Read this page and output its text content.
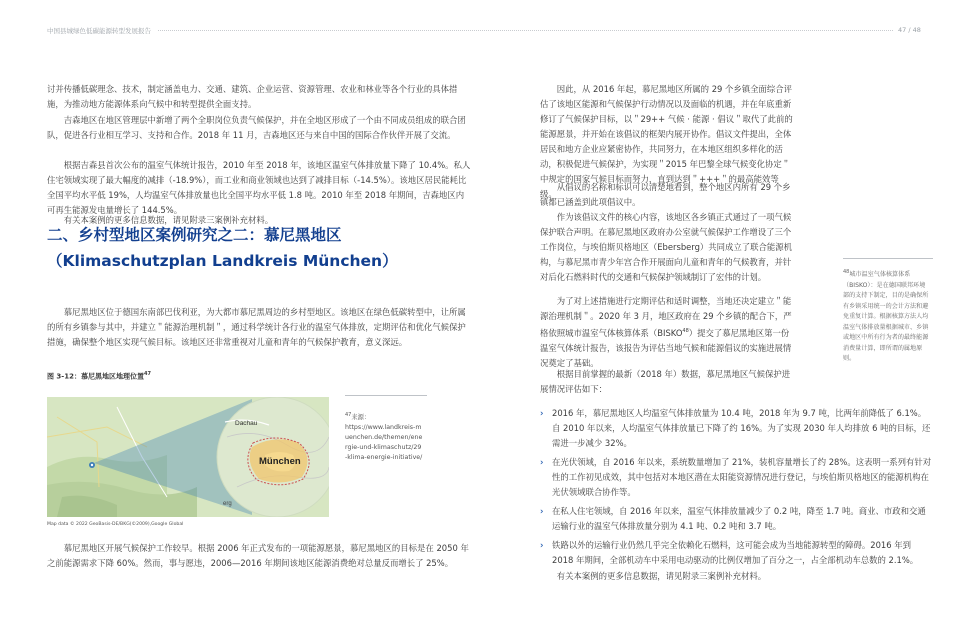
中国县城绿色低碳能源转型发展报告	47 / 48

讨并传播低碳理念、技术，制定涵盖电力、交通、建筑、企业运营、资源管理、农业和林业等各个行业的具体措施，为推动地方能源体系向气候中和转型提供全面支持。

吉森地区在地区管理层中新增了两个全职岗位负责气候保护，并在全地区形成了一个由不同成员组成的联合团队，促进各行业相互学习、支持和合作。2018 年 11 月，吉森地区还与来自中国的国际合作伙伴开展了交流。

根据吉森县首次公布的温室气体统计报告，2010 年至 2018 年，该地区温室气体排放量下降了 10.4%。私人住宅领域实现了最大幅度的减排（-18.9%），而工业和商业领域也达到了减排目标（-14.5%）。该地区居民能耗比全国平均水平低 19%，人均温室气体排放量也比全国平均水平低 1.8 吨。2010 年至 2018 年期间，吉森地区内可再生能源发电量增长了 144.5%。

有关本案例的更多信息数据，请见附录三案例补充材料。

二、乡村型地区案例研究之二：慕尼黑地区（Klimaschutzplan Landkreis München）

慕尼黑地区位于德国东南部巴伐利亚，为大都市慕尼黑周边的乡村型地区。该地区在绿色低碳转型中，让所属的所有乡镇参与其中，并建立＂能源治理机制＂，通过科学统计各行业的温室气体排放，定期评估和优化气候保护措施，确保整个地区实现气候目标。该地区还非常重视对儿童和青年的气候保护教育，意义深远。

图 3-12：慕尼黑地区地理位置$^{47}$
Dachau
München
erg
Map data © 2022 GeoBasis-DE/BKG(©2009),Google Global
$^{47}$来源：
https://www.landkreis-muenchen.de/themen/energie-und-klimaschutz/29-klima-energie-initiative/

慕尼黑地区开展气候保护工作较早。根据 2006 年正式发布的一项能源愿景，慕尼黑地区的目标是在 2050 年之前能源需求下降 60%。然而，事与愿违，2006—2016 年期间该地区能源消费绝对总量反而增长了 25%。

因此，从 2016 年起，慕尼黑地区所属的 29 个乡镇全面综合评估了该地区能源和气候保护行动情况以及面临的机遇，并在年底重新修订了气候保护目标，以＂29++ 气候 · 能源 · 倡议＂取代了此前的能源愿景，并开始在该倡议的框架内展开协作。倡议文件提出，全体居民和地方企业应紧密协作，共同努力，在本地区组织多样化的活动，积极促进气候保护，为实现＂2015 年巴黎全球气候变化协定＂中规定的国家气候目标而努力，直到达到＂+++＂的最高能效等级。

从倡议的名称和标识可以清楚地看到，整个地区内所有 29 个乡镇都已涵盖到此项倡议中。

作为该倡议文件的核心内容，该地区各乡镇正式通过了一项气候保护联合声明。在慕尼黑地区政府办公室就气候保护工作增设了三个工作岗位，与埃伯斯贝格地区（Ebersberg）共同成立了联合能源机构，与慕尼黑市青少年宫合作开展面向儿童和青年的气候教育，并针对后化石燃料时代的交通和气候保护领域制订了宏伟的计划。

为了对上述措施进行定期评估和适时调整，当地还决定建立＂能源治理机制＂。2020 年 3 月，地区政府在 29 个乡镇的配合下，严格依照城市温室气体核算体系（BISKO$^{48}$）提交了慕尼黑地区第一份温室气体统计报告，该报告为评估当地气候和能源倡议的实施进展情况奠定了基础。

根据目前掌握的最新（2018 年）数据，慕尼黑地区气候保护进展情况评估如下：

› 2016 年，慕尼黑地区人均温室气体排放量为 10.4 吨，2018 年为 9.7 吨，比两年前降低了 6.1%。自 2010 年以来，人均温室气体排放量已下降了约 16%。为了实现 2030 年人均排放 6 吨的目标，还需进一步减少 32%。
› 在光伏领域，自 2016 年以来，系统数量增加了 21%，装机容量增长了约 28%。这表明一系列有针对性的工作初见成效，其中包括对本地区潜在太阳能资源情况进行登记，与埃伯斯贝格地区的能源机构在光伏领域联合协作等。
› 在私人住宅领域，自 2016 年以来，温室气体排放量减少了 0.2 吨，降至 1.7 吨。商业、市政和交通运输行业的温室气体排放量分别为 4.1 吨、0.2 吨和 3.7 吨。
› 铁路以外的运输行业仍然几乎完全依赖化石燃料，这可能会成为当地能源转型的障碍。2016 年到 2018 年期间，全部机动车中采用电动驱动的比例仅增加了百分之一，占全部机动车总数的 2.1%。

有关本案例的更多信息数据，请见附录三案例补充材料。

$^{48}$城市温室气体核算体系（BISKO）：是在德国联邦环境部的支持下制定，目的是确保所有乡镇采用统一的会计方法和避免重复计算。根据核算方法人均温室气体排放量根据城市、乡镇或地区中所有行为者的最终能源消费量计算，即所谓的属地原则。
